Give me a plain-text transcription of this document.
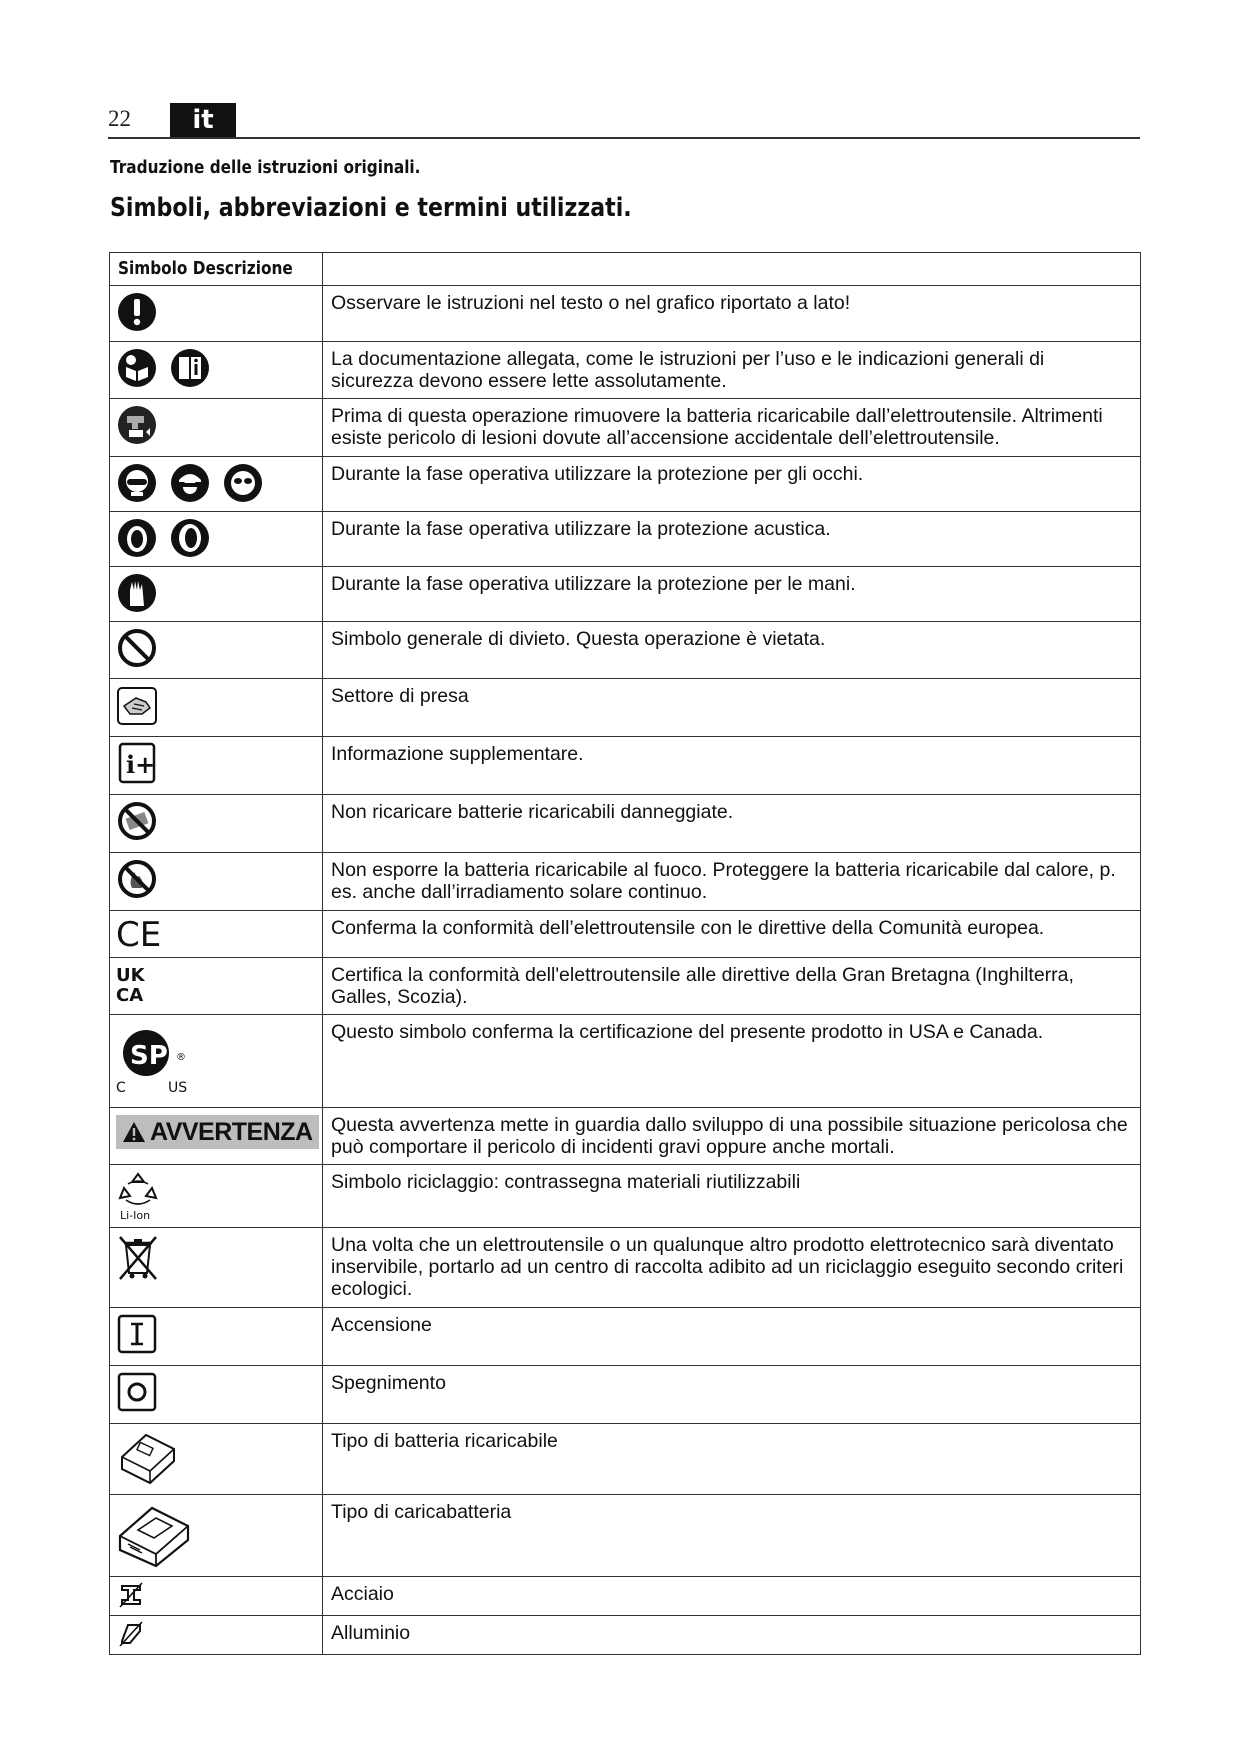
22	it
Traduzione delle istruzioni originali.
Simboli, abbreviazioni e termini utilizzati.
Simbolo Descrizione	
	Osservare le istruzioni nel testo o nel grafico riportato a lato!
	La documentazione allegata, come le istruzioni per l’uso e le indicazioni generali di sicurezza devono essere lette assolutamente.
	Prima di questa operazione rimuovere la batteria ricaricabile dall’elettroutensile. Altrimenti esiste pericolo di lesioni dovute all’accensione accidentale dell’elettroutensile.
	Durante la fase operativa utilizzare la protezione per gli occhi.
	Durante la fase operativa utilizzare la protezione acustica.
	Durante la fase operativa utilizzare la protezione per le mani.
	Simbolo generale di divieto. Questa operazione è vietata.
	Settore di presa

i+	Informazione supplementare.
	Non ricaricare batterie ricaricabili danneggiate.
	Non esporre la batteria ricaricabile al fuoco. Proteggere la batteria ricaricabile dal calore, p. es. anche dall’irradiamento solare continuo.

CE	Conferma la conformità dell’elettroutensile con le direttive della Comunità europea.

UK
CA	Certifica la conformità dell'elettroutensile alle direttive della Gran Bretagna (Inghilterra, Galles, Scozia).

SP ®
C US	Questo simbolo conferma la certificazione del presente prodotto in USA e Canada.

AVVERTENZA	Questa avvertenza mette in guardia dallo sviluppo di una possibile situazione pericolosa che può comportare il pericolo di incidenti gravi oppure anche mortali.

Li-Ion	Simbolo riciclaggio: contrassegna materiali riutilizzabili
	Una volta che un elettroutensile o un qualunque altro prodotto elettrotecnico sarà diventato inservibile, portarlo ad un centro di raccolta adibito ad un riciclaggio eseguito secondo criteri ecologici.
	Accensione
	Spegnimento
	Tipo di batteria ricaricabile
	Tipo di caricabatteria
	Acciaio
	Alluminio
